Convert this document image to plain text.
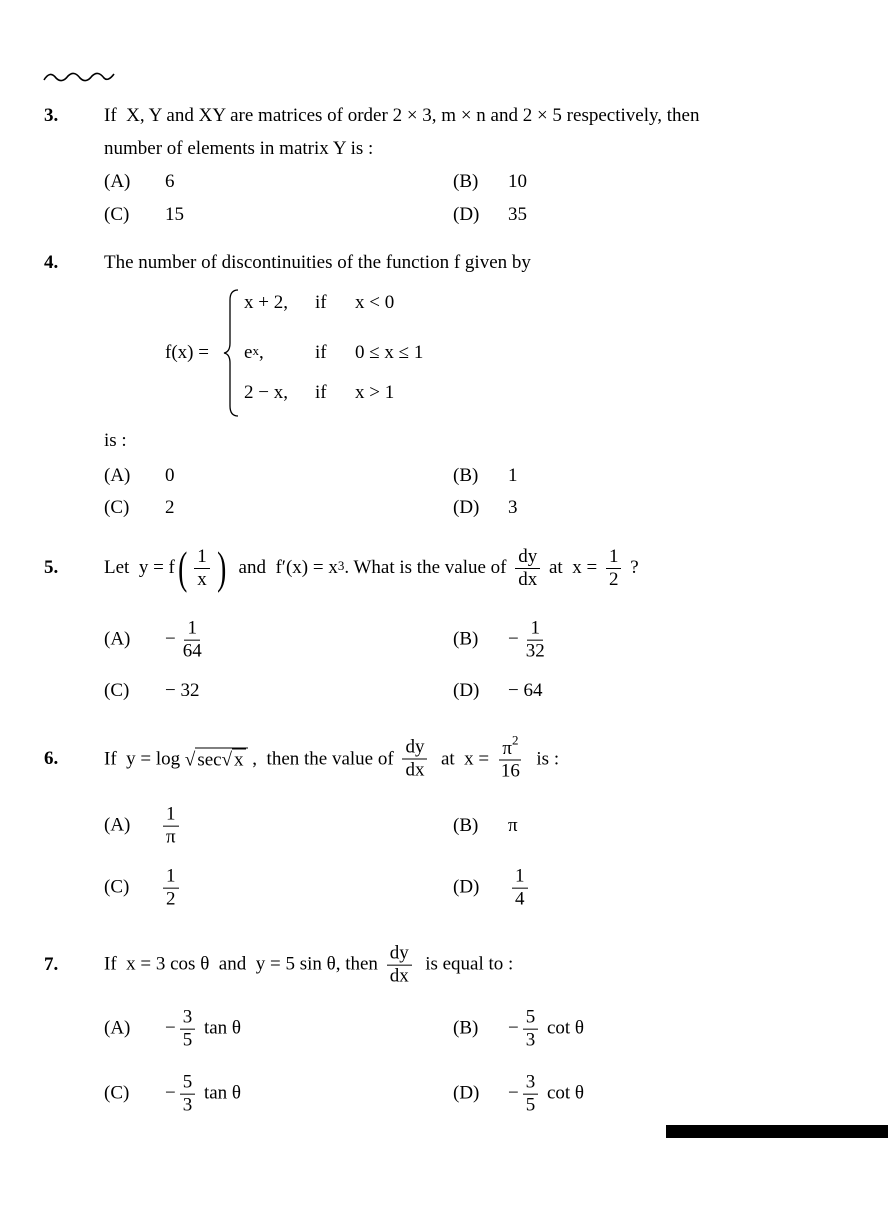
3. If  X, Y and XY are matrices of order 2 × 3, m × n and 2 × 5 respectively, then
number of elements in matrix Y is :
(A)	6	(B)	10
(C)	15	(D)	35
4. The number of discontinuities of the function f given by
f(x) =
x + 2, if x < 0
$e^x$ ,	if 0 ≤ x ≤ 1
2 − x, if x > 1
is :
(A)	0	(B)	1
(C)	2	(D)	3
5. Let  y = f ( $\frac{1}{x}$ ) and  $f'(x) = x^3$ . What is the value of $\frac{dy}{dx}$ at  $x = \frac{1}{2}$ ?
(A)	− $\frac{1}{64}$	(B)	− $\frac{1}{32}$
(C)	− 32	(D)	− 64
6. If  y = log √ sec √ x ,  then the value of $\frac{dy}{dx}$ at  $x = \frac{\pi^2}{16}$ is :
(A)	$\frac{1}{\pi}$	(B)	π
(C)	$\frac{1}{2}$	(D)	$\frac{1}{4}$
7. If  x = 3 cos θ  and  y = 5 sin θ, then $\frac{dy}{dx}$ is equal to :
(A)	− $\frac{3}{5}$ tan θ	(B)	− $\frac{5}{3}$ cot θ
(C)	− $\frac{5}{3}$ tan θ	(D)	− $\frac{3}{5}$ cot θ
